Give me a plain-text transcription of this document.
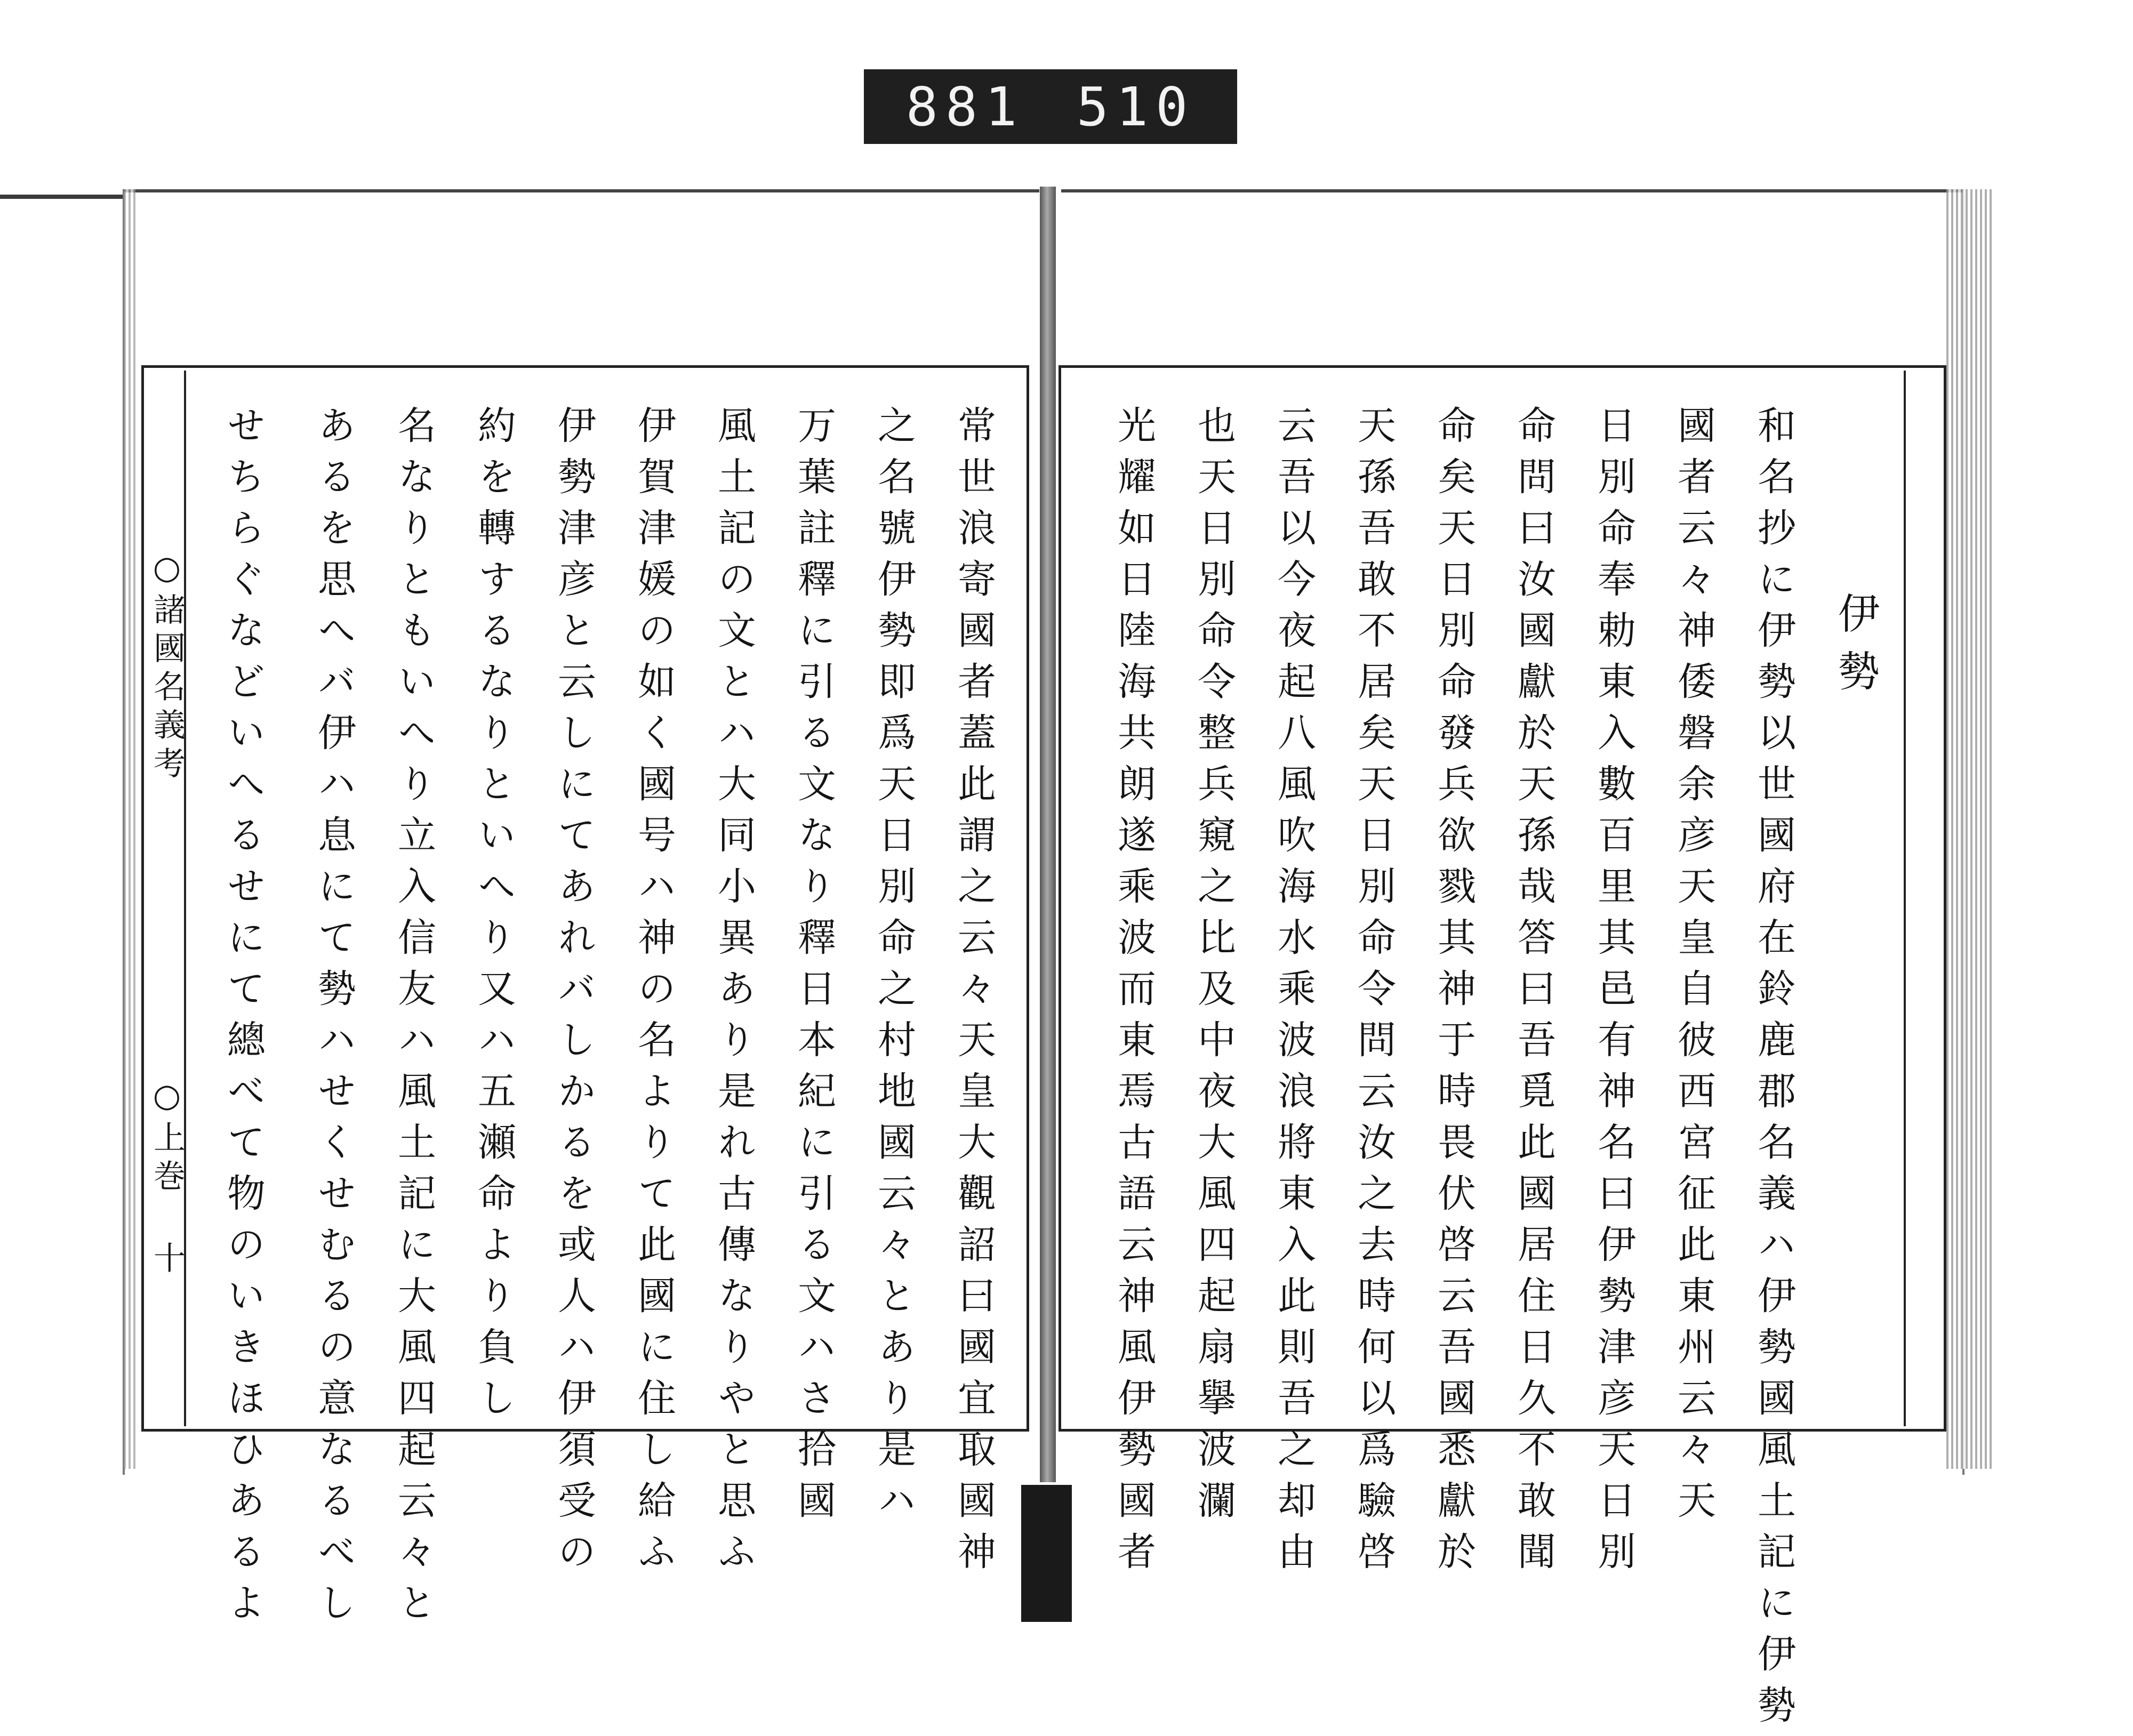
881 510
○諸國名義考
○上巻 十
伊勢
和名抄に伊勢以世國府在鈴鹿郡名義ハ伊勢國風土記に伊勢
國者云々神倭磐余彦天皇自彼西宮征此東州云々天
日別命奉勅東入數百里其邑有神名曰伊勢津彦天日別
命問曰汝國獻於天孫哉答曰吾覓此國居住日久不敢聞
命矣天日別命發兵欲戮其神于時畏伏啓云吾國悉獻於
天孫吾敢不居矣天日別命令問云汝之去時何以爲驗啓
云吾以今夜起八風吹海水乘波浪將東入此則吾之却由
也天日別命令整兵窺之比及中夜大風四起扇擧波瀾
光耀如日陸海共朗遂乘波而東焉古語云神風伊勢國者
常世浪寄國者蓋此謂之云々天皇大觀詔曰國宜取國神
之名號伊勢即爲天日別命之村地國云々とあり是ハ
万葉註釋に引る文なり釋日本紀に引る文ハさ拾國
風土記の文とハ大同小異あり是れ古傳なりやと思ふ
伊賀津媛の如く國号ハ神の名よりて此國に住し給ふ
伊勢津彦と云しにてあれバしかるを或人ハ伊須受の
約を轉するなりといへり又ハ五瀬命より負し
名なりともいへり立入信友ハ風土記に大風四起云々と
あるを思へバ伊ハ息にて勢ハせくせむるの意なるべし
せちらぐなどいへるせにて總べて物のいきほひあるよ
